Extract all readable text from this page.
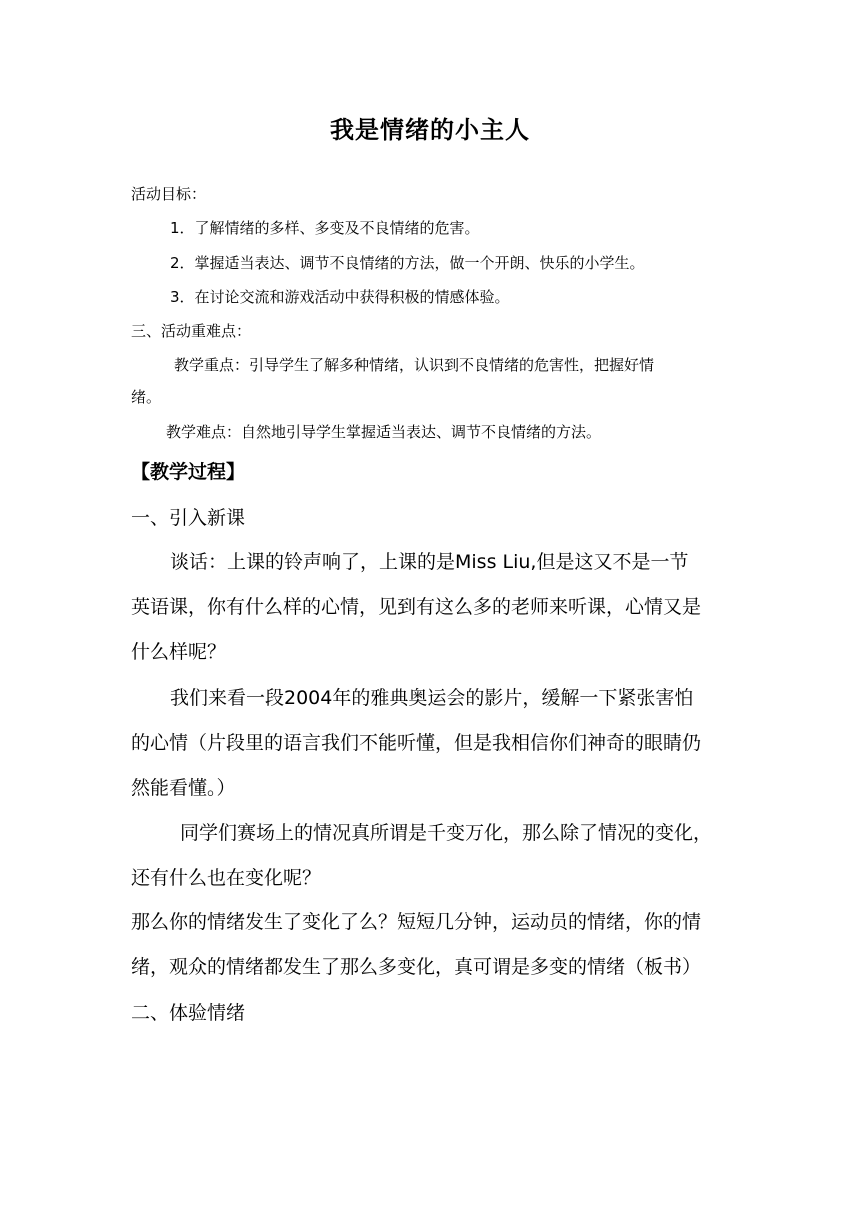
我是情绪的小主人
活动目标：
1．了解情绪的多样、多变及不良情绪的危害。
2．掌握适当表达、调节不良情绪的方法，做一个开朗、快乐的小学生。
3．在讨论交流和游戏活动中获得积极的情感体验。
三、活动重难点：
教学重点：引导学生了解多种情绪，认识到不良情绪的危害性，把握好情
绪。
教学难点：自然地引导学生掌握适当表达、调节不良情绪的方法。
【教学过程】
一、引入新课
谈话：上课的铃声响了，上课的是Miss Liu,但是这又不是一节
英语课，你有什么样的心情，见到有这么多的老师来听课，心情又是
什么样呢？
我们来看一段2004年的雅典奥运会的影片，缓解一下紧张害怕
的心情（片段里的语言我们不能听懂，但是我相信你们神奇的眼睛仍
然能看懂。）
同学们赛场上的情况真所谓是千变万化，那么除了情况的变化，
还有什么也在变化呢？
那么你的情绪发生了变化了么？短短几分钟，运动员的情绪，你的情
绪，观众的情绪都发生了那么多变化，真可谓是多变的情绪（板书）
二、体验情绪
